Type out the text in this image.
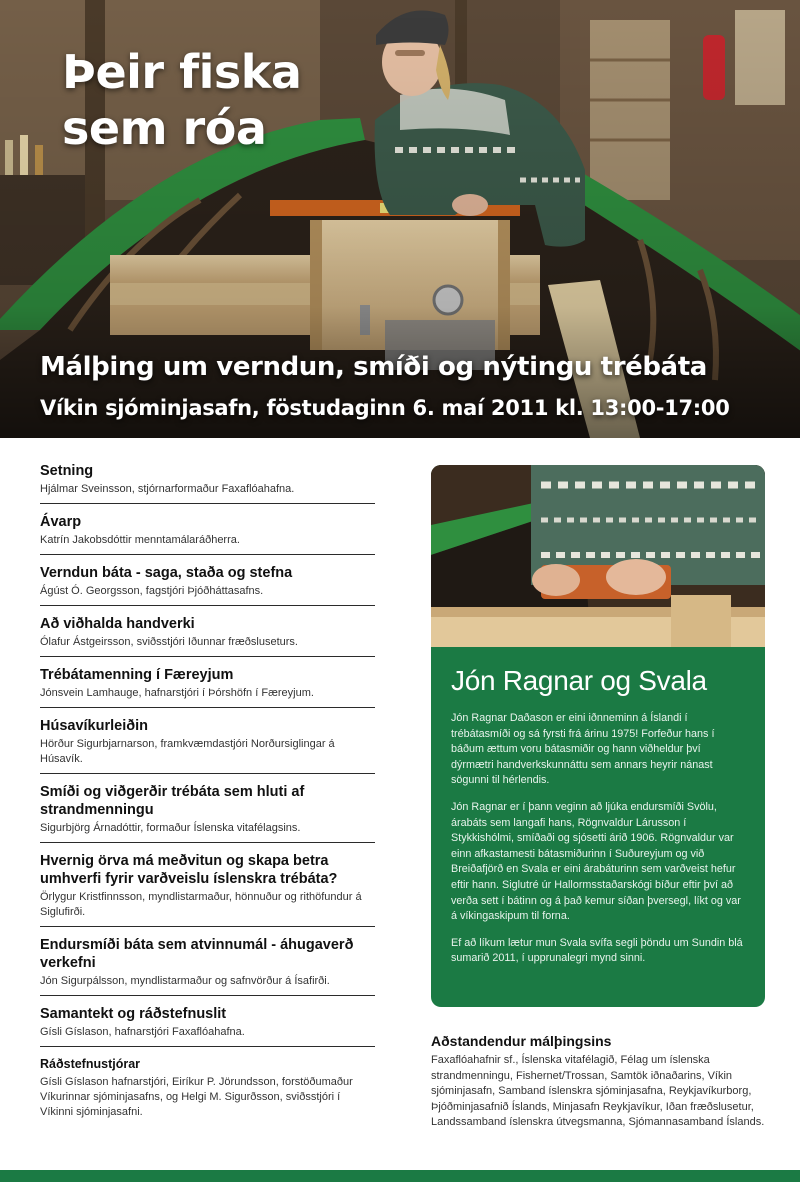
Þeir fiska
sem róa
Málþing um verndun, smíði og nýtingu trébáta
Víkin sjóminjasafn, föstudaginn 6. maí 2011 kl. 13:00-17:00
Setning
Hjálmar Sveinsson, stjórnarformaður Faxaflóahafna.
Ávarp
Katrín Jakobsdóttir menntamálaráðherra.
Verndun báta - saga, staða og stefna
Ágúst Ó. Georgsson, fagstjóri Þjóðháttasafns.
Að viðhalda handverki
Ólafur Ástgeirsson, sviðsstjóri Iðunnar fræðsluseturs.
Trébátamenning í Færeyjum
Jónsvein Lamhauge, hafnarstjóri í Þórshöfn í Færeyjum.
Húsavíkurleiðin
Hörður Sigurbjarnarson, framkvæmdastjóri Norðursiglingar á Húsavík.
Smíði og viðgerðir trébáta sem hluti af strandmenningu
Sigurbjörg Árnadóttir, formaður Íslenska vitafélagsins.
Hvernig örva má meðvitun og skapa betra umhverfi fyrir varðveislu íslenskra trébáta?
Örlygur Kristfinnsson, myndlistarmaður, hönnuður og rithöfundur á Siglufirði.
Endursmíði báta sem atvinnumál - áhugaverð verkefni
Jón Sigurpálsson, myndlistarmaður og safnvörður á Ísafirði.
Samantekt og ráðstefnuslit
Gísli Gíslason, hafnarstjóri Faxaflóahafna.
Ráðstefnustjórar
Gísli Gíslason hafnarstjóri, Eiríkur P. Jörundsson, forstöðumaður Víkurinnar sjóminjasafns, og Helgi M. Sigurðsson, sviðsstjóri í Víkinni sjóminjasafni.
Jón Ragnar og Svala

Jón Ragnar Daðason er eini iðnneminn á Íslandi í trébátasmíði og sá fyrsti frá árinu 1975! Forfeður hans í báðum ættum voru bátasmiðir og hann viðheldur því dýrmætri handverkskunnáttu sem annars heyrir nánast sögunni til hérlendis.

Jón Ragnar er í þann veginn að ljúka endursmíði Svölu, árabáts sem langafi hans, Rögnvaldur Lárusson í Stykkishólmi, smíðaði og sjósetti árið 1906. Rögnvaldur var einn afkastamesti bátasmiðurinn í Suðureyjum og við Breiðafjörð en Svala er eini árabáturinn sem varðveist hefur eftir hann. Siglutré úr Hallormsstaðarskógi bíður eftir því að verða sett í bátinn og á það kemur síðan þversegl, líkt og var á víkingaskipum til forna.

Ef að líkum lætur mun Svala svífa segli þöndu um Sundin blá sumarið 2011, í upprunalegri mynd sinni.

Aðstandendur málþingsins
Faxaflóahafnir sf., Íslenska vitafélagið, Félag um íslenska strandmenningu, Fishernet/Trossan, Samtök iðnaðarins, Víkin sjóminjasafn, Samband íslenskra sjóminjasafna, Reykjavíkurborg, Þjóðminjasafnið Íslands, Minjasafn Reykjavíkur, Iðan fræðslusetur, Landssamband íslenskra útvegsmanna, Sjómannasamband Íslands.
